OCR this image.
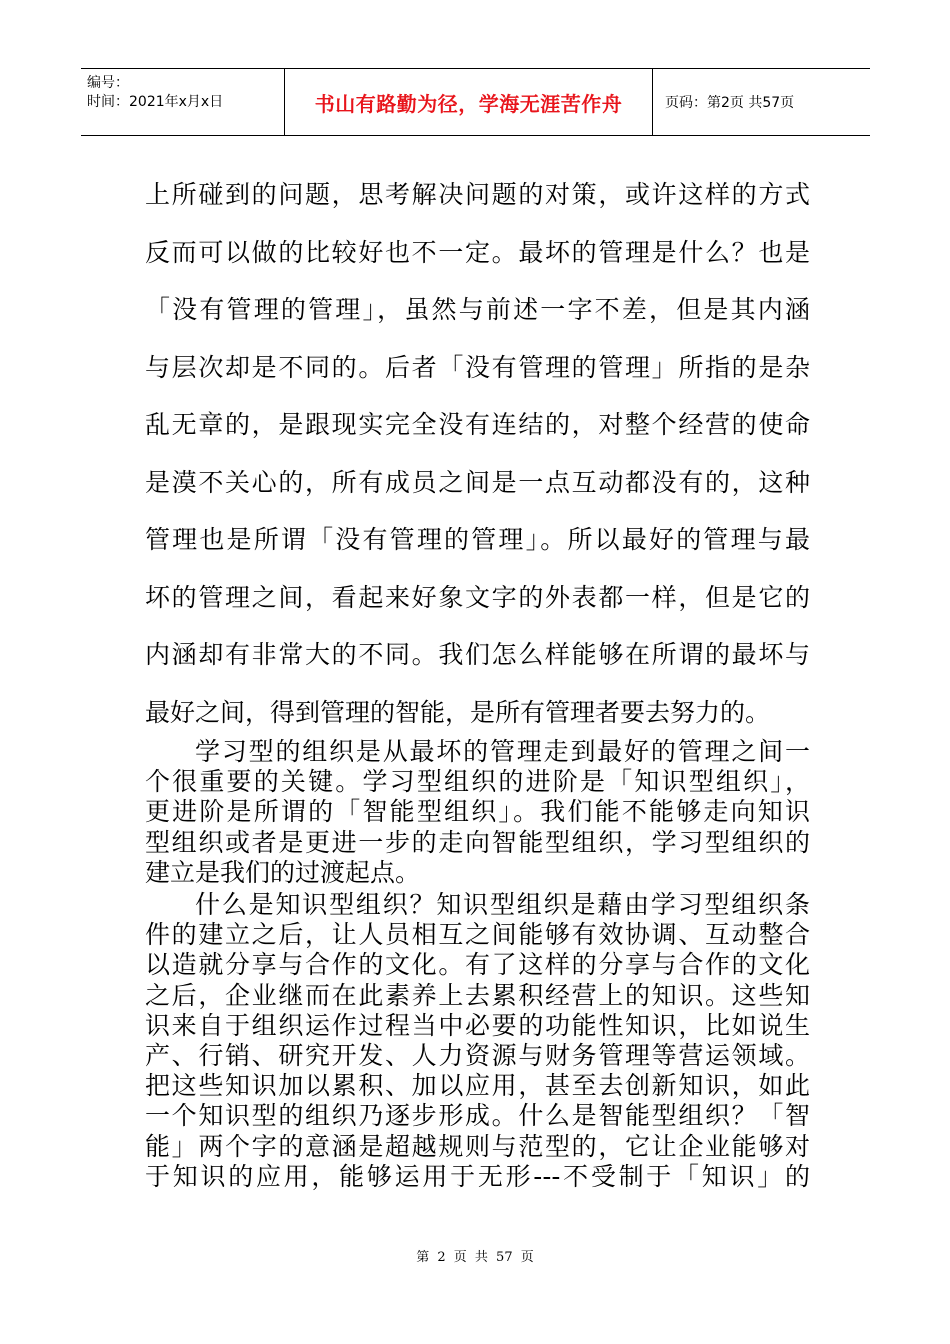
编号：
时间：2021年x月x日	书山有路勤为径，学海无涯苦作舟	页码：第2页 共57页
上所碰到的问题，思考解决问题的对策，或许这样的方式
反而可以做的比较好也不一定。最坏的管理是什么？也是
「没有管理的管理」，虽然与前述一字不差，但是其内涵
与层次却是不同的。后者「没有管理的管理」所指的是杂
乱无章的，是跟现实完全没有连结的，对整个经营的使命
是漠不关心的，所有成员之间是一点互动都没有的，这种
管理也是所谓「没有管理的管理」。所以最好的管理与最
坏的管理之间，看起来好象文字的外表都一样，但是它的
内涵却有非常大的不同。我们怎么样能够在所谓的最坏与
最好之间，得到管理的智能，是所有管理者要去努力的。
学习型的组织是从最坏的管理走到最好的管理之间一
个很重要的关键。学习型组织的进阶是「知识型组织」，
更进阶是所谓的「智能型组织」。我们能不能够走向知识
型组织或者是更进一步的走向智能型组织，学习型组织的
建立是我们的过渡起点。
什么是知识型组织？知识型组织是藉由学习型组织条
件的建立之后，让人员相互之间能够有效协调、互动整合
以造就分享与合作的文化。有了这样的分享与合作的文化
之后，企业继而在此素养上去累积经营上的知识。这些知
识来自于组织运作过程当中必要的功能性知识，比如说生
产、行销、研究开发、人力资源与财务管理等营运领域。
把这些知识加以累积、加以应用，甚至去创新知识，如此
一个知识型的组织乃逐步形成。什么是智能型组织？「智
能」两个字的意涵是超越规则与范型的，它让企业能够对
于知识的应用，能够运用于无形---不受制于「知识」的
第 2 页 共 57 页
